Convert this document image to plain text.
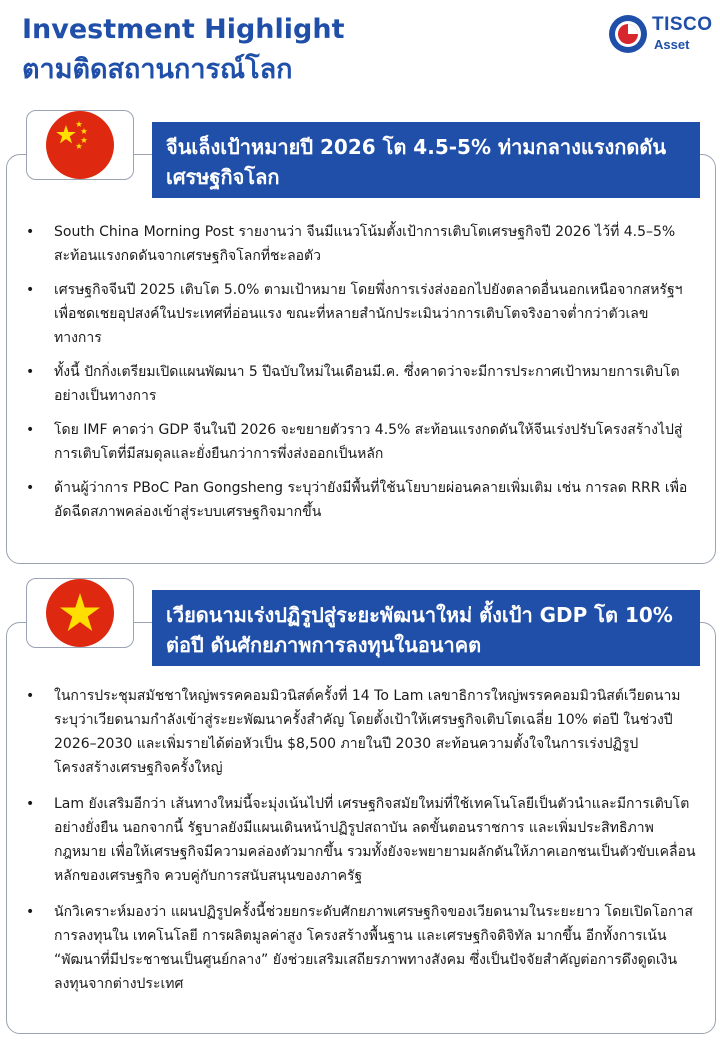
Investment Highlight
ตามติดสถานการณ์โลก
TISCO
Asset
จีนเล็งเป้าหมายปี 2026 โต 4.5-5% ท่ามกลางแรงกดดันเศรษฐกิจโลก
• South China Morning Post รายงานว่า จีนมีแนวโน้มตั้งเป้าการเติบโตเศรษฐกิจปี 2026 ไว้ที่ 4.5–5% สะท้อนแรงกดดันจากเศรษฐกิจโลกที่ชะลอตัว
• เศรษฐกิจจีนปี 2025 เติบโต 5.0% ตามเป้าหมาย โดยพึ่งการเร่งส่งออกไปยังตลาดอื่นนอกเหนือจากสหรัฐฯ เพื่อชดเชยอุปสงค์ในประเทศที่อ่อนแรง ขณะที่หลายสำนักประเมินว่าการเติบโตจริงอาจต่ำกว่าตัวเลขทางการ
• ทั้งนี้ ปักกิ่งเตรียมเปิดแผนพัฒนา 5 ปีฉบับใหม่ในเดือนมี.ค. ซึ่งคาดว่าจะมีการประกาศเป้าหมายการเติบโตอย่างเป็นทางการ
• โดย IMF คาดว่า GDP จีนในปี 2026 จะขยายตัวราว 4.5% สะท้อนแรงกดดันให้จีนเร่งปรับโครงสร้างไปสู่การเติบโตที่มีสมดุลและยั่งยืนกว่าการพึ่งส่งออกเป็นหลัก
• ด้านผู้ว่าการ PBoC Pan Gongsheng ระบุว่ายังมีพื้นที่ใช้นโยบายผ่อนคลายเพิ่มเติม เช่น การลด RRR เพื่ออัดฉีดสภาพคล่องเข้าสู่ระบบเศรษฐกิจมากขึ้น
เวียดนามเร่งปฏิรูปสู่ระยะพัฒนาใหม่ ตั้งเป้า GDP โต 10% ต่อปี ดันศักยภาพการลงทุนในอนาคต
• ในการประชุมสมัชชาใหญ่พรรคคอมมิวนิสต์ครั้งที่ 14 To Lam เลขาธิการใหญ่พรรคคอมมิวนิสต์เวียดนาม ระบุว่าเวียดนามกำลังเข้าสู่ระยะพัฒนาครั้งสำคัญ โดยตั้งเป้าให้เศรษฐกิจเติบโตเฉลี่ย 10% ต่อปี ในช่วงปี 2026–2030 และเพิ่มรายได้ต่อหัวเป็น $8,500 ภายในปี 2030 สะท้อนความตั้งใจในการเร่งปฏิรูปโครงสร้างเศรษฐกิจครั้งใหญ่
• Lam ยังเสริมอีกว่า เส้นทางใหม่นี้จะมุ่งเน้นไปที่ เศรษฐกิจสมัยใหม่ที่ใช้เทคโนโลยีเป็นตัวนำและมีการเติบโตอย่างยั่งยืน นอกจากนี้ รัฐบาลยังมีแผนเดินหน้าปฏิรูปสถาบัน ลดขั้นตอนราชการ และเพิ่มประสิทธิภาพกฎหมาย เพื่อให้เศรษฐกิจมีความคล่องตัวมากขึ้น รวมทั้งยังจะพยายามผลักดันให้ภาคเอกชนเป็นตัวขับเคลื่อนหลักของเศรษฐกิจ ควบคู่กับการสนับสนุนของภาครัฐ
• นักวิเคราะห์มองว่า แผนปฏิรูปครั้งนี้ช่วยยกระดับศักยภาพเศรษฐกิจของเวียดนามในระยะยาว โดยเปิดโอกาสการลงทุนใน เทคโนโลยี การผลิตมูลค่าสูง โครงสร้างพื้นฐาน และเศรษฐกิจดิจิทัล มากขึ้น อีกทั้งการเน้น “พัฒนาที่มีประชาชนเป็นศูนย์กลาง” ยังช่วยเสริมเสถียรภาพทางสังคม ซึ่งเป็นปัจจัยสำคัญต่อการดึงดูดเงินลงทุนจากต่างประเทศ
